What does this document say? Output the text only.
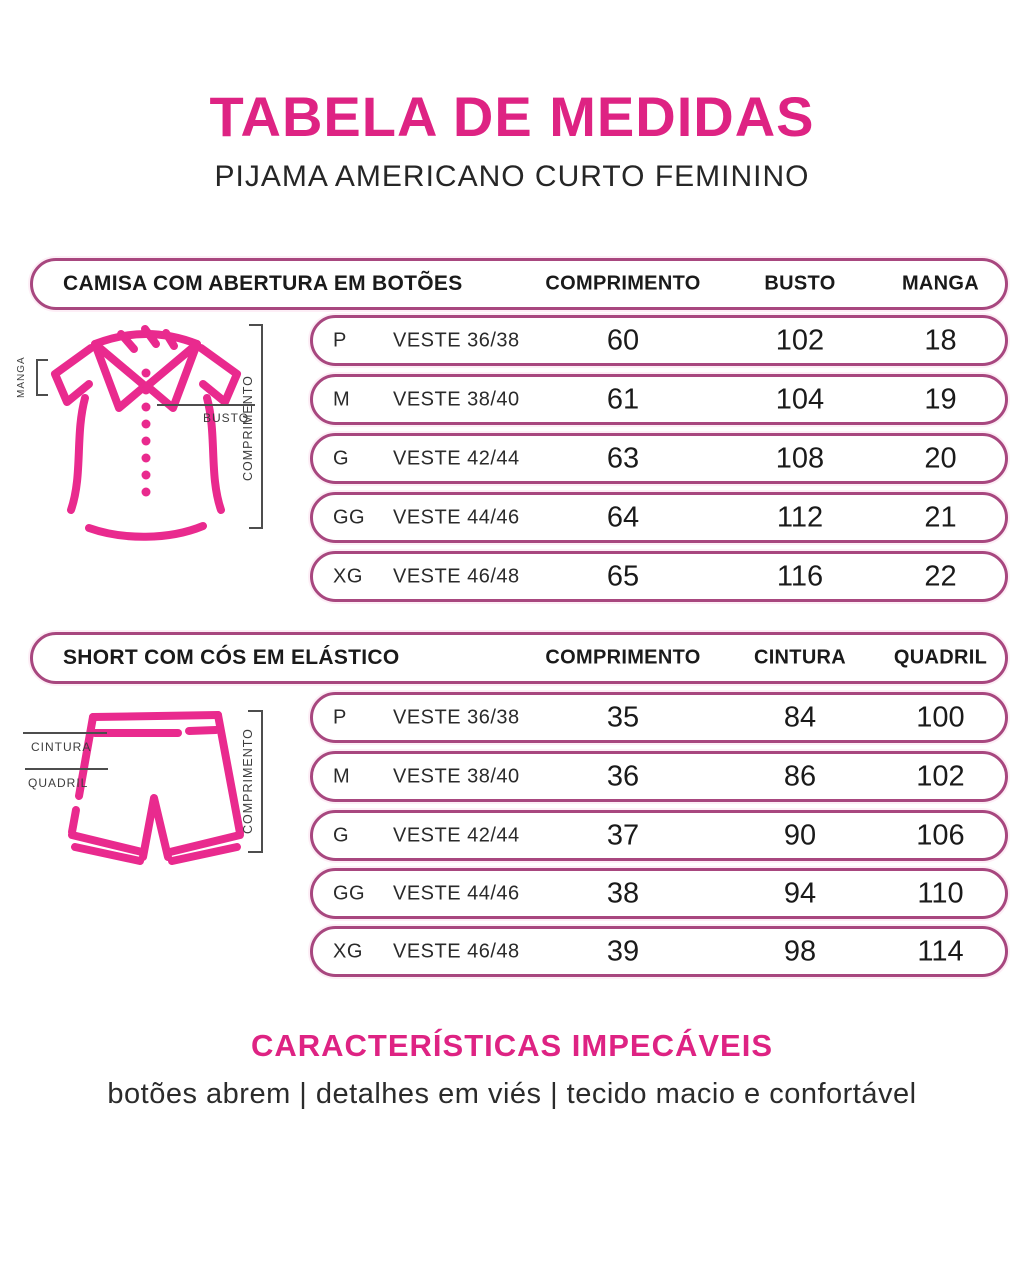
TABELA DE MEDIDAS
PIJAMA AMERICANO CURTO FEMININO
CAMISA COM ABERTURA EM BOTÕES	COMPRIMENTO	BUSTO	MANGA
MANGA
BUSTO
COMPRIMENTO
P	VESTE 36/38	60	102	18
M	VESTE 38/40	61	104	19
G	VESTE 42/44	63	108	20
GG	VESTE 44/46	64	112	21
XG	VESTE 46/48	65	116	22
SHORT COM CÓS EM ELÁSTICO	COMPRIMENTO	CINTURA	QUADRIL
CINTURA
QUADRIL	COMPRIMENTO
P	VESTE 36/38	35	84	100
M	VESTE 38/40	36	86	102
G	VESTE 42/44	37	90	106
GG	VESTE 44/46	38	94	110
XG	VESTE 46/48	39	98	114
CARACTERÍSTICAS IMPECÁVEIS
botões abrem | detalhes em viés | tecido macio e confortável
